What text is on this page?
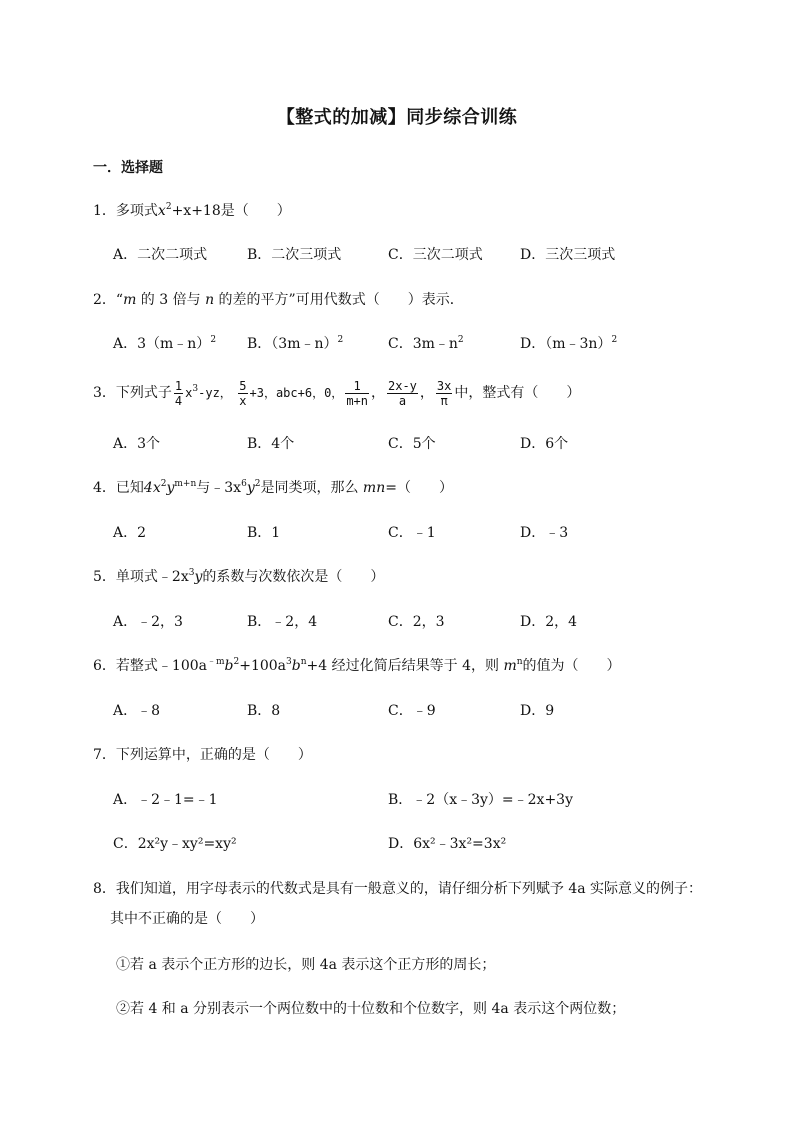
【整式的加减】同步综合训练
一．选择题
1．多项式$x^2+x+18$是（　　）
A．二次二项式	B．二次三项式	C．三次二项式	D．三次三项式
2．“m 的 3 倍与 n 的差的平方”可用代数式（　　）表示．
A．3（m﹣n）$^2$ B．（3m﹣n）$^2$	C．$3m﹣n^2$	D．（m﹣3n）$^2$
3．下列式子 $\frac{1}{4} x^3-yz$， $\frac{5}{x} +3$，abc+6，0， $\frac{1}{m+n}$ ， $\frac{2x-y}{a}$ ， $\frac{3x}{\pi}$ 中，整式有（　　）
A．3个	B．4个	C．5个	D．6个
4．已知$4x^2y^{m+n}$与$﹣3x^6y^2$是同类项，那么 mn=（　　）
A．2	B．1	C．﹣1	D．﹣3
5．单项式$﹣2x^3y$的系数与次数依次是（　　）
A．﹣2，3	B．﹣2，4	C．2，3	D．2，4
6．若整式$﹣100a^{﹣m}b^2+100a^3b^n+4$ 经过化简后结果等于 4，则 $m^n$的值为（　　）
A．﹣8	B．8	C．﹣9	D．9
7．下列运算中，正确的是（　　）
A．﹣2﹣1=﹣1	B．﹣2（x﹣3y）=﹣2x+3y
C．2x²y﹣xy²=xy²	D．6x²﹣3x²=3x²
8．我们知道，用字母表示的代数式是具有一般意义的，请仔细分析下列赋予 4a 实际意义的例子：
其中不正确的是（　　）
①若 a 表示个正方形的边长，则 4a 表示这个正方形的周长；
②若 4 和 a 分别表示一个两位数中的十位数和个位数字，则 4a 表示这个两位数；
